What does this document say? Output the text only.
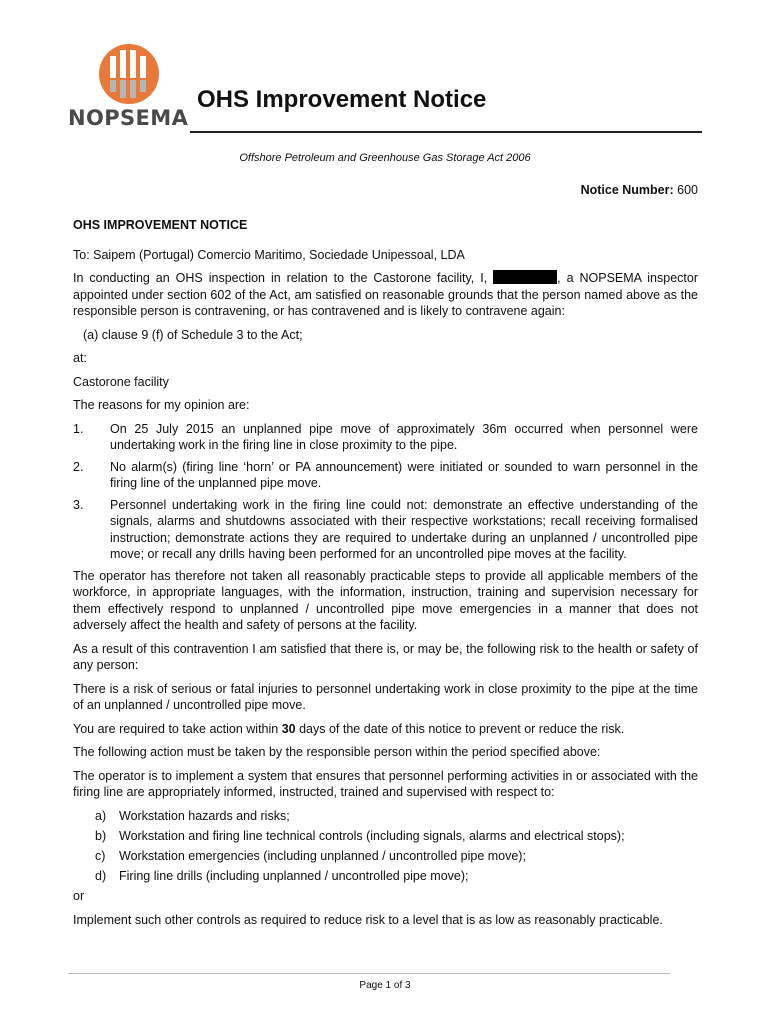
NOPSEMA
OHS Improvement Notice
Offshore Petroleum and Greenhouse Gas Storage Act 2006
Notice Number: 600

OHS IMPROVEMENT NOTICE

To: Saipem (Portugal) Comercio Maritimo, Sociedade Unipessoal, LDA

In conducting an OHS inspection in relation to the Castorone facility, I,	, a NOPSEMA inspector appointed under section 602 of the Act, am satisfied on reasonable grounds that the person named above as the responsible person is contravening, or has contravened and is likely to contravene again:

(a) clause 9 (f) of Schedule 3 to the Act;

at:

Castorone facility

The reasons for my opinion are:

1. On 25 July 2015 an unplanned pipe move of approximately 36m occurred when personnel were undertaking work in the firing line in close proximity to the pipe.
2. No alarm(s) (firing line ‘horn’ or PA announcement) were initiated or sounded to warn personnel in the firing line of the unplanned pipe move.
3. Personnel undertaking work in the firing line could not: demonstrate an effective understanding of the signals, alarms and shutdowns associated with their respective workstations; recall receiving formalised instruction; demonstrate actions they are required to undertake during an unplanned / uncontrolled pipe move; or recall any drills having been performed for an uncontrolled pipe moves at the facility.

The operator has therefore not taken all reasonably practicable steps to provide all applicable members of the workforce, in appropriate languages, with the information, instruction, training and supervision necessary for them effectively respond to unplanned / uncontrolled pipe move emergencies in a manner that does not adversely affect the health and safety of persons at the facility.

As a result of this contravention I am satisfied that there is, or may be, the following risk to the health or safety of any person:

There is a risk of serious or fatal injuries to personnel undertaking work in close proximity to the pipe at the time of an unplanned / uncontrolled pipe move.

You are required to take action within 30 days of the date of this notice to prevent or reduce the risk.

The following action must be taken by the responsible person within the period specified above:

The operator is to implement a system that ensures that personnel performing activities in or associated with the firing line are appropriately informed, instructed, trained and supervised with respect to:

a) Workstation hazards and risks;
b) Workstation and firing line technical controls (including signals, alarms and electrical stops);
c) Workstation emergencies (including unplanned / uncontrolled pipe move);
d) Firing line drills (including unplanned / uncontrolled pipe move);

or

Implement such other controls as required to reduce risk to a level that is as low as reasonably practicable.

Page 1 of 3
